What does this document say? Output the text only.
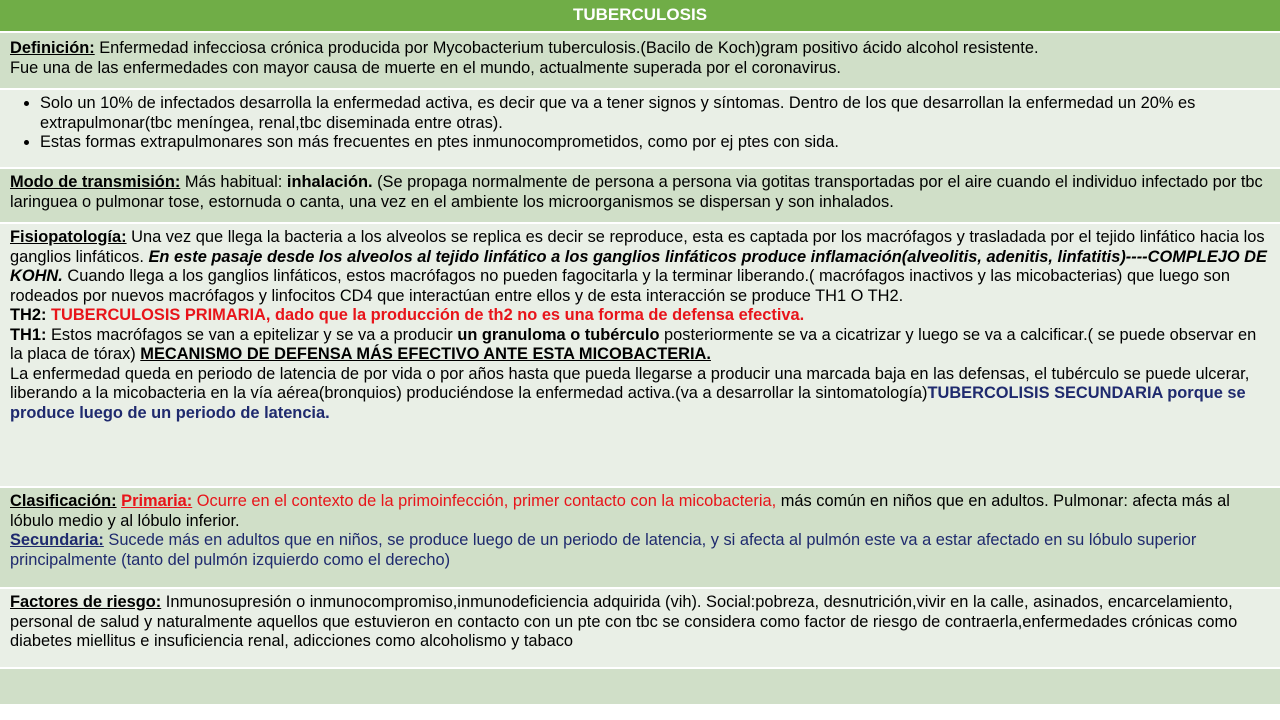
TUBERCULOSIS
Definición: Enfermedad infecciosa crónica producida por Mycobacterium tuberculosis.(Bacilo de Koch)gram positivo ácido alcohol resistente.
Fue una de las enfermedades con mayor causa de muerte en el mundo, actualmente superada por el coronavirus.
• Solo un 10% de infectados desarrolla la enfermedad activa, es decir que va a tener signos y síntomas. Dentro de los que desarrollan la enfermedad un 20% es extrapulmonar(tbc meníngea, renal,tbc diseminada entre otras).
• Estas formas extrapulmonares son más frecuentes en ptes inmunocomprometidos, como por ej ptes con sida.
Modo de transmisión: Más habitual: inhalación. (Se propaga normalmente de persona a persona via gotitas transportadas por el aire cuando el individuo infectado por tbc laringuea o pulmonar tose, estornuda o canta, una vez en el ambiente los microorganismos se dispersan y son inhalados.
Fisiopatología: Una vez que llega la bacteria a los alveolos se replica es decir se reproduce, esta es captada por los macrófagos y trasladada por el tejido linfático hacia los ganglios linfáticos. En este pasaje desde los alveolos al tejido linfático a los ganglios linfáticos produce inflamación(alveolitis, adenitis, linfatitis)----COMPLEJO DE KOHN. Cuando llega a los ganglios linfáticos, estos macrófagos no pueden fagocitarla y la terminar liberando.( macrófagos inactivos y las micobacterias) que luego son rodeados por nuevos macrófagos y linfocitos CD4 que interactúan entre ellos y de esta interacción se produce TH1 O TH2.
TH2: TUBERCULOSIS PRIMARIA, dado que la producción de th2 no es una forma de defensa efectiva.
TH1: Estos macrófagos se van a epitelizar y se va a producir un granuloma o tubérculo posteriormente se va a cicatrizar y luego se va a calcificar.( se puede observar en la placa de tórax) MECANISMO DE DEFENSA MÁS EFECTIVO ANTE ESTA MICOBACTERIA.
La enfermedad queda en periodo de latencia de por vida o por años hasta que pueda llegarse a producir una marcada baja en las defensas, el tubérculo se puede ulcerar, liberando a la micobacteria en la vía aérea(bronquios) produciéndose la enfermedad activa.(va a desarrollar la sintomatología)TUBERCOLISIS SECUNDARIA porque se produce luego de un periodo de latencia.
Clasificación: Primaria: Ocurre en el contexto de la primoinfección, primer contacto con la micobacteria, más común en niños que en adultos. Pulmonar: afecta más al lóbulo medio y al lóbulo inferior.
Secundaria: Sucede más en adultos que en niños, se produce luego de un periodo de latencia, y si afecta al pulmón este va a estar afectado en su lóbulo superior principalmente (tanto del pulmón izquierdo como el derecho)
Factores de riesgo: Inmunosupresión o inmunocompromiso,inmunodeficiencia adquirida (vih). Social:pobreza, desnutrición,vivir en la calle, asinados, encarcelamiento, personal de salud y naturalmente aquellos que estuvieron en contacto con un pte con tbc se considera como factor de riesgo de contraerla,enfermedades crónicas como diabetes miellitus e insuficiencia renal, adicciones como alcoholismo y tabaco
